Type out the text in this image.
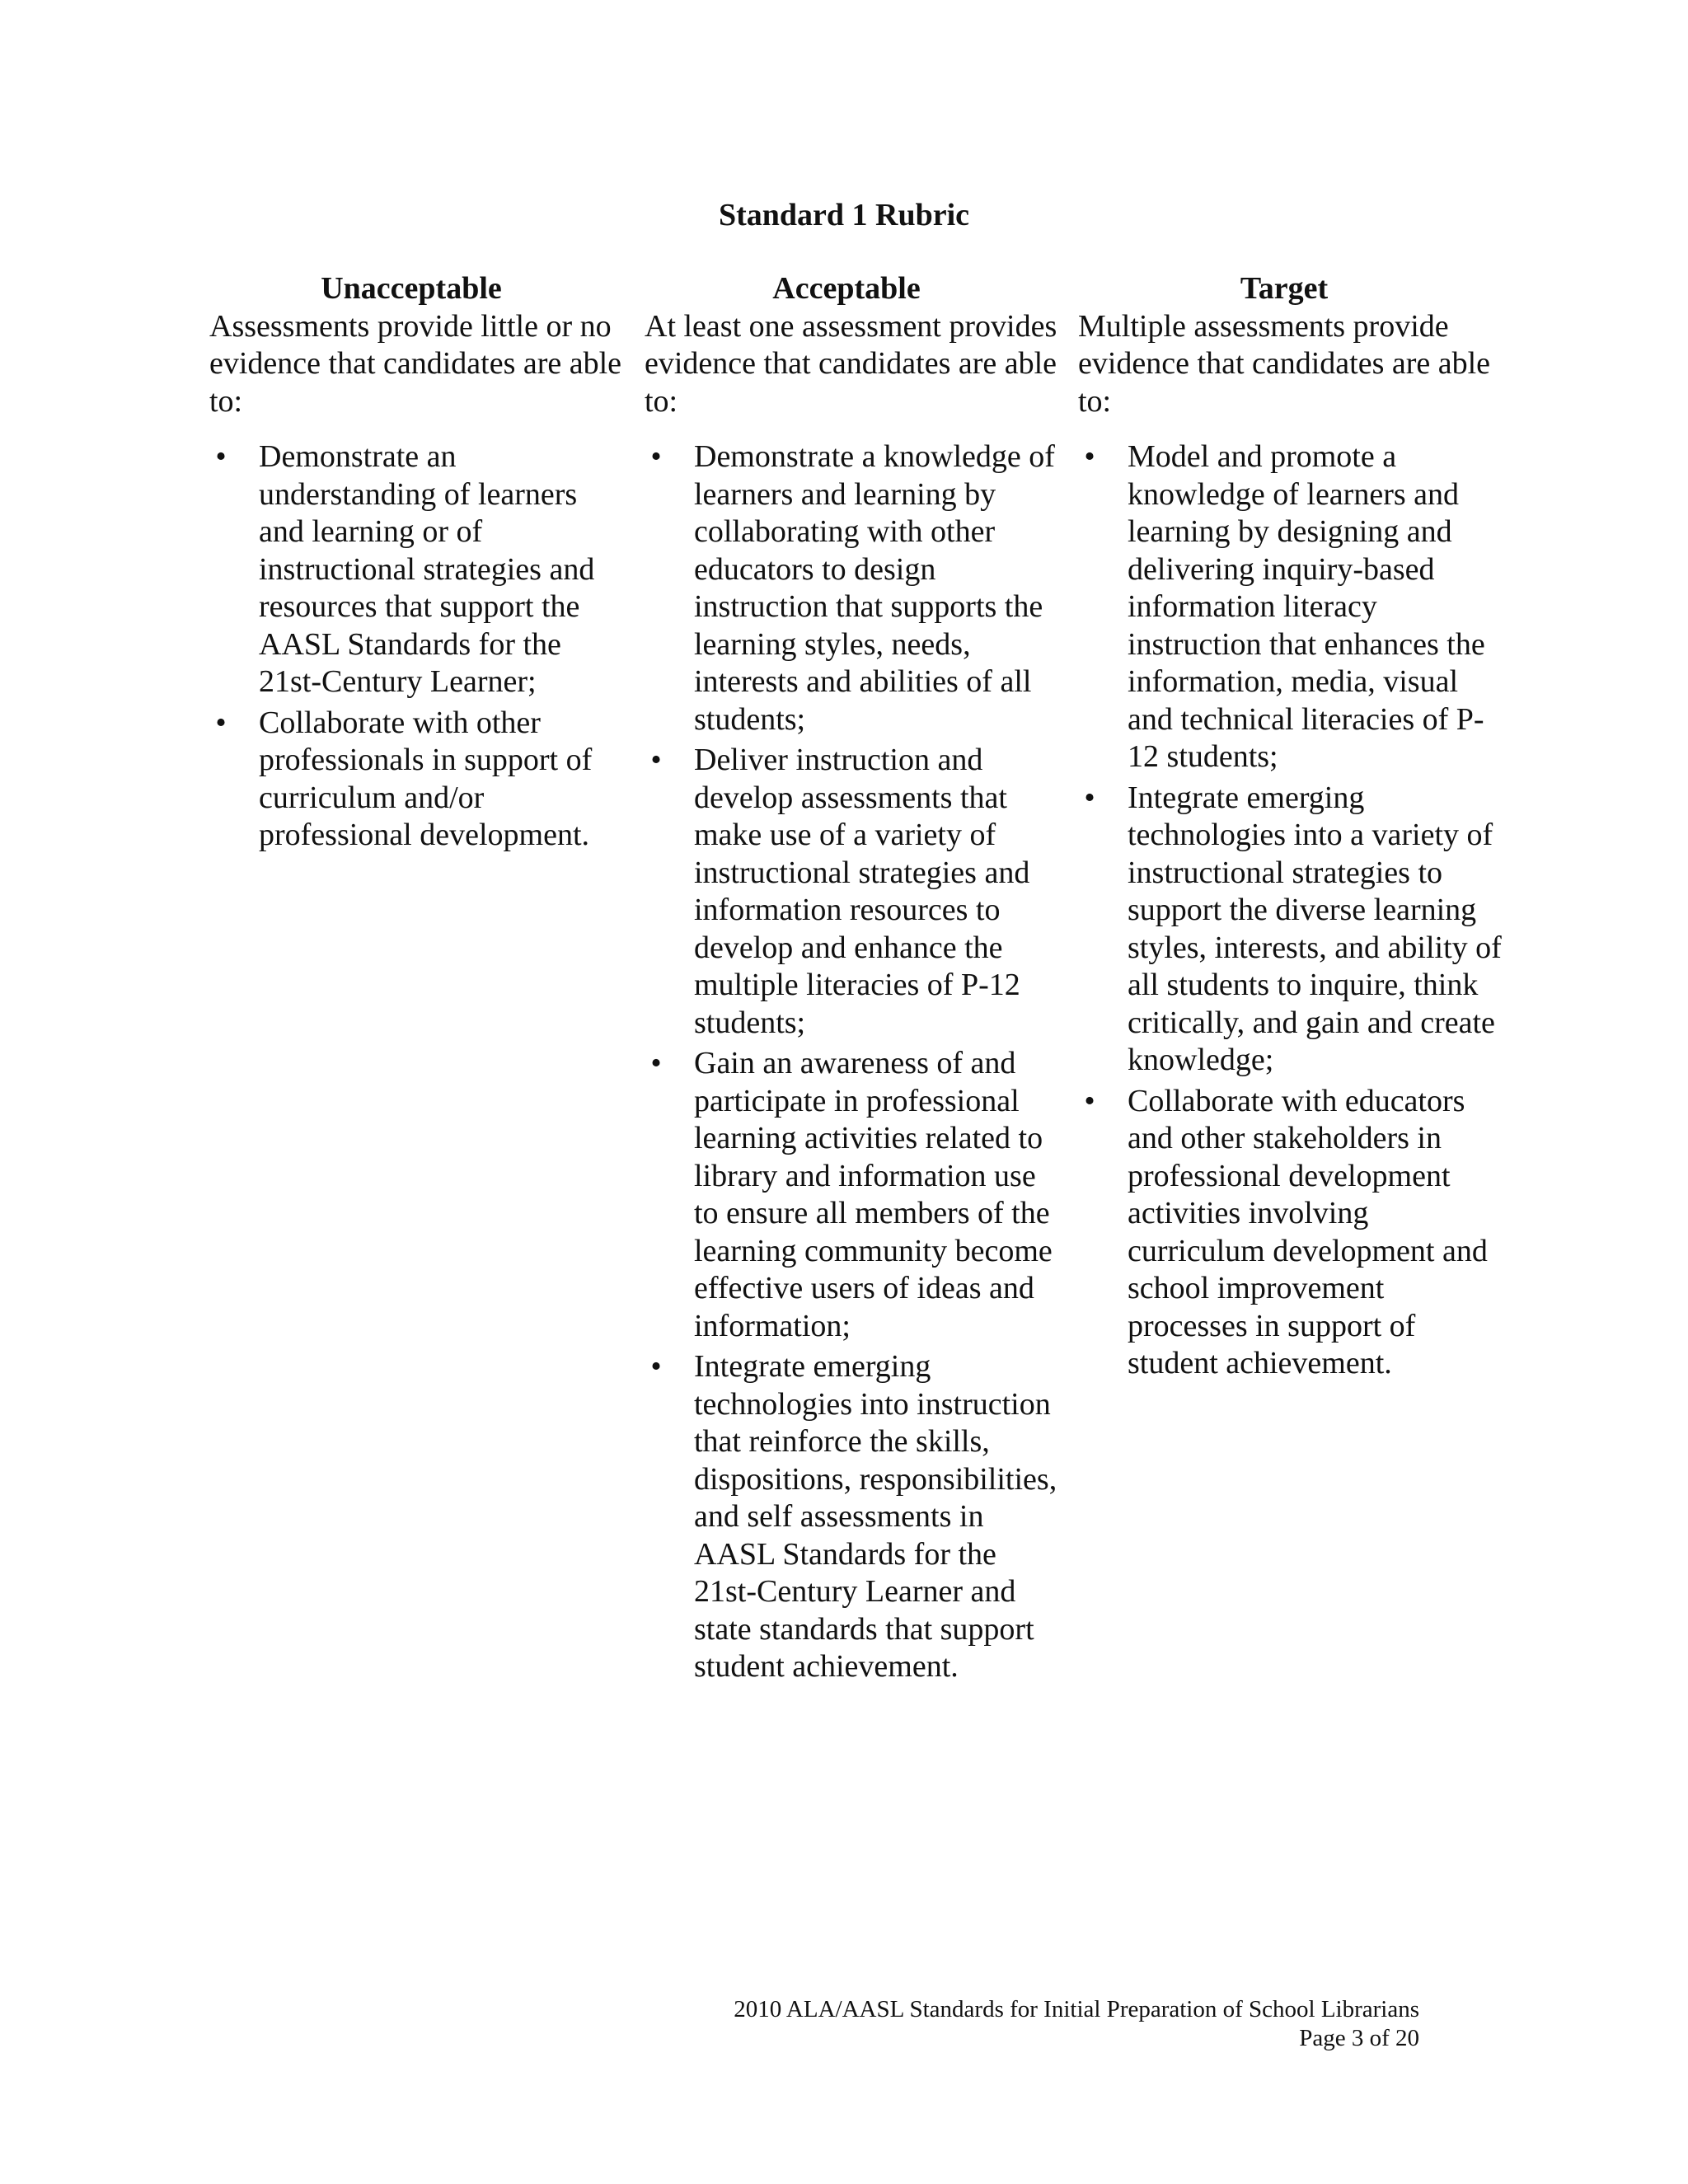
Standard 1 Rubric

Unacceptable

Assessments provide little or no evidence that candidates are able to:

• Demonstrate an understanding of learners and learning or of instructional strategies and resources that support the AASL Standards for the 21st-Century Learner;
• Collaborate with other professionals in support of curriculum and/or professional development.

Acceptable

At least one assessment provides evidence that candidates are able to:

• Demonstrate a knowledge of learners and learning by collaborating with other educators to design instruction that supports the learning styles, needs, interests and abilities of all students;
• Deliver instruction and develop assessments that make use of a variety of instructional strategies and information resources to develop and enhance the multiple literacies of P-12 students;
• Gain an awareness of and participate in professional learning activities related to library and information use to ensure all members of the learning community become effective users of ideas and information;
• Integrate emerging technologies into instruction that reinforce the skills, dispositions, responsibilities, and self assessments in AASL Standards for the 21st-Century Learner and state standards that support student achievement.

Target

Multiple assessments provide evidence that candidates are able to:

• Model and promote a knowledge of learners and learning by designing and delivering inquiry-based information literacy instruction that enhances the information, media, visual and technical literacies of P-12 students;
• Integrate emerging technologies into a variety of instructional strategies to support the diverse learning styles, interests, and ability of all students to inquire, think critically, and gain and create knowledge;
• Collaborate with educators and other stakeholders in professional development activities involving curriculum development and school improvement processes in support of student achievement.
2010 ALA/AASL Standards for Initial Preparation of School Librarians
Page 3 of 20
